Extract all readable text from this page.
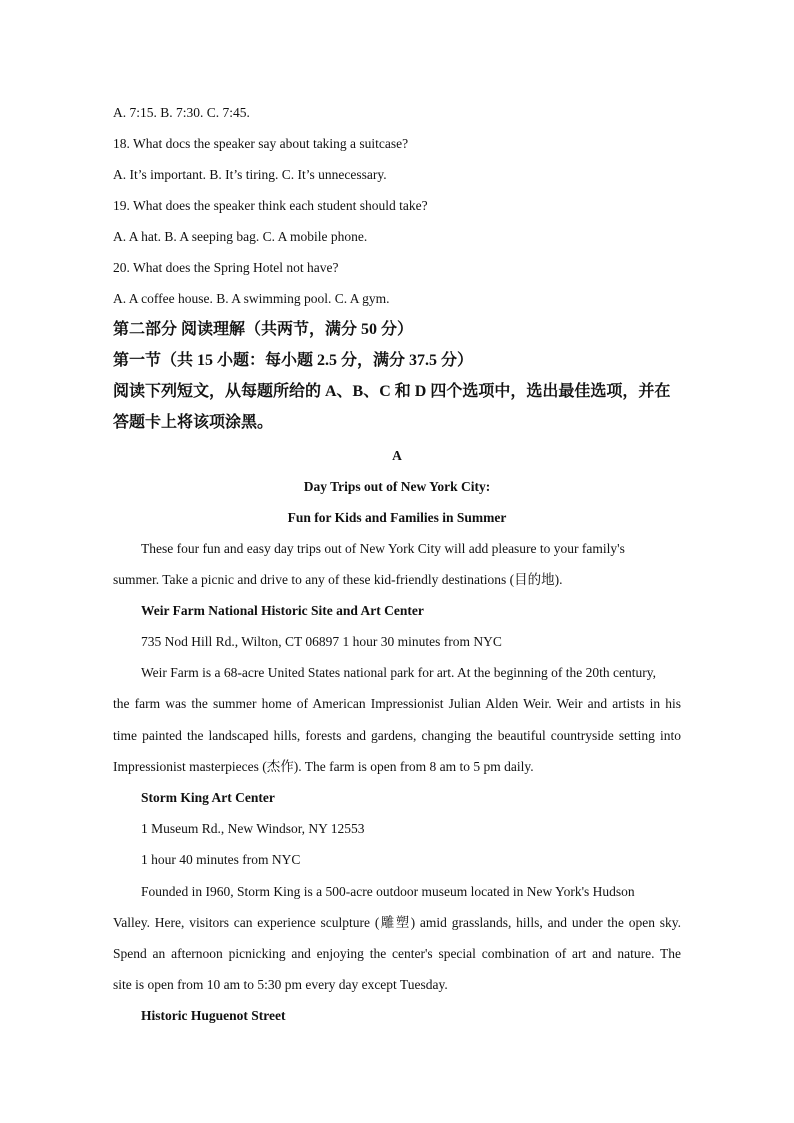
A. 7:15. B. 7:30. C. 7:45.
18. What docs the speaker say about taking a suitcase?
A. It’s important. B. It’s tiring. C. It’s unnecessary.
19. What does the speaker think each student should take?
A. A hat. B. A seeping bag. C. A mobile phone.
20. What does the Spring Hotel not have?
A. A coffee house. B. A swimming pool. C. A gym.
第二部分 阅读理解（共两节，满分 50 分）
第一节（共 15 小题：每小题 2.5 分，满分 37.5 分）
阅读下列短文，从每题所给的 A、B、C 和 D 四个选项中，选出最佳选项，并在
答题卡上将该项涂黑。
A
Day Trips out of New York City:
Fun for Kids and Families in Summer
These four fun and easy day trips out of New York City will add pleasure to your family's
summer. Take a picnic and drive to any of these kid-friendly destinations (目的地).
Weir Farm National Historic Site and Art Center
735 Nod Hill Rd., Wilton, CT 06897 1 hour 30 minutes from NYC
Weir Farm is a 68-acre United States national park for art. At the beginning of the 20th century,
the farm was the summer home of American Impressionist Julian Alden Weir. Weir and artists in his
time painted the landscaped hills, forests and gardens, changing the beautiful countryside setting into
Impressionist masterpieces (杰作). The farm is open from 8 am to 5 pm daily.
Storm King Art Center
1 Museum Rd., New Windsor, NY 12553
1 hour 40 minutes from NYC
Founded in I960, Storm King is a 500-acre outdoor museum located in New York's Hudson
Valley. Here, visitors can experience sculpture (雕塑) amid grasslands, hills, and under the open sky.
Spend an afternoon picnicking and enjoying the center's special combination of art and nature. The
site is open from 10 am to 5:30 pm every day except Tuesday.
Historic Huguenot Street
